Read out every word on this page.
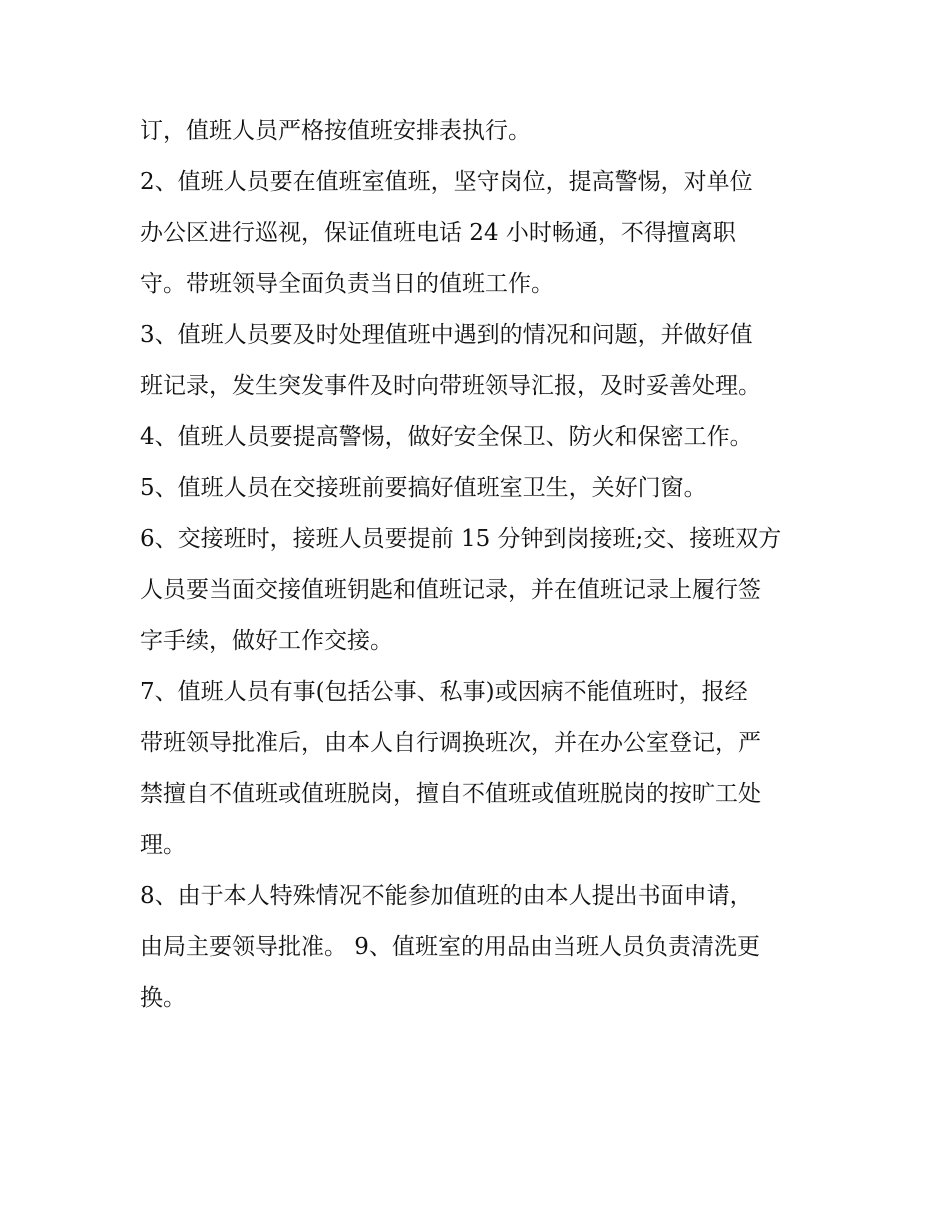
订，值班人员严格按值班安排表执行。
2、值班人员要在值班室值班，坚守岗位，提高警惕，对单位
办公区进行巡视，保证值班电话 24 小时畅通，不得擅离职
守。带班领导全面负责当日的值班工作。
3、值班人员要及时处理值班中遇到的情况和问题，并做好值
班记录，发生突发事件及时向带班领导汇报，及时妥善处理。
4、值班人员要提高警惕，做好安全保卫、防火和保密工作。
5、值班人员在交接班前要搞好值班室卫生，关好门窗。
6、交接班时，接班人员要提前 15 分钟到岗接班;交、接班双方
人员要当面交接值班钥匙和值班记录，并在值班记录上履行签
字手续，做好工作交接。
7、值班人员有事(包括公事、私事)或因病不能值班时，报经
带班领导批准后，由本人自行调换班次，并在办公室登记，严
禁擅自不值班或值班脱岗，擅自不值班或值班脱岗的按旷工处
理。
8、由于本人特殊情况不能参加值班的由本人提出书面申请，
由局主要领导批准。 9、值班室的用品由当班人员负责清洗更
换。
